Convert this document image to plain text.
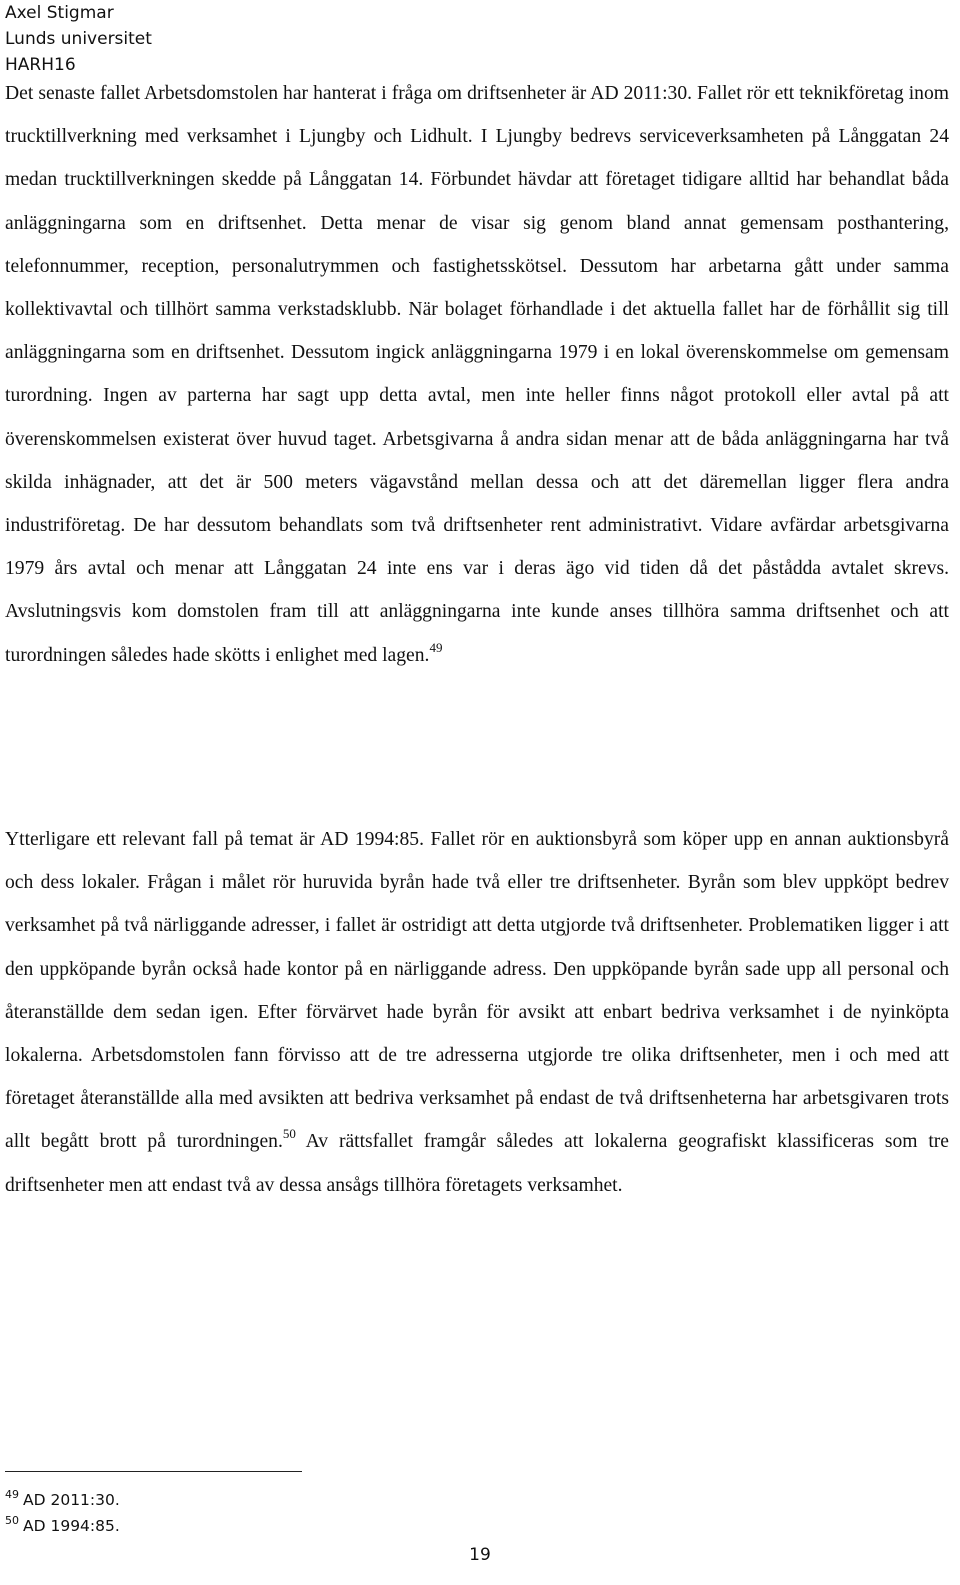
Axel Stigmar
Lunds universitet
HARH16

Det senaste fallet Arbetsdomstolen har hanterat i fråga om driftsenheter är AD 2011:30. Fallet rör ett teknikföretag inom trucktillverkning med verksamhet i Ljungby och Lidhult. I Ljungby bedrevs serviceverksamheten på Långgatan 24 medan trucktillverkningen skedde på Långgatan 14. Förbundet hävdar att företaget tidigare alltid har behandlat båda anläggningarna som en driftsenhet. Detta menar de visar sig genom bland annat gemensam posthantering, telefonnummer, reception, personalutrymmen och fastighetsskötsel. Dessutom har arbetarna gått under samma kollektivavtal och tillhört samma verkstadsklubb. När bolaget förhandlade i det aktuella fallet har de förhållit sig till anläggningarna som en driftsenhet. Dessutom ingick anläggningarna 1979 i en lokal överenskommelse om gemensam turordning. Ingen av parterna har sagt upp detta avtal, men inte heller finns något protokoll eller avtal på att överenskommelsen existerat över huvud taget. Arbetsgivarna å andra sidan menar att de båda anläggningarna har två skilda inhägnader, att det är 500 meters vägavstånd mellan dessa och att det däremellan ligger flera andra industriföretag. De har dessutom behandlats som två driftsenheter rent administrativt. Vidare avfärdar arbetsgivarna 1979 års avtal och menar att Långgatan 24 inte ens var i deras ägo vid tiden då det påstådda avtalet skrevs. Avslutningsvis kom domstolen fram till att anläggningarna inte kunde anses tillhöra samma driftsenhet och att turordningen således hade skötts i enlighet med lagen.$^{49}$

Ytterligare ett relevant fall på temat är AD 1994:85. Fallet rör en auktionsbyrå som köper upp en annan auktionsbyrå och dess lokaler. Frågan i målet rör huruvida byrån hade två eller tre driftsenheter. Byrån som blev uppköpt bedrev verksamhet på två närliggande adresser, i fallet är ostridigt att detta utgjorde två driftsenheter. Problematiken ligger i att den uppköpande byrån också hade kontor på en närliggande adress. Den uppköpande byrån sade upp all personal och återanställde dem sedan igen. Efter förvärvet hade byrån för avsikt att enbart bedriva verksamhet i de nyinköpta lokalerna. Arbetsdomstolen fann förvisso att de tre adresserna utgjorde tre olika driftsenheter, men i och med att företaget återanställde alla med avsikten att bedriva verksamhet på endast de två driftsenheterna har arbetsgivaren trots allt begått brott på turordningen.$^{50}$ Av rättsfallet framgår således att lokalerna geografiskt klassificeras som tre driftsenheter men att endast två av dessa ansågs tillhöra företagets verksamhet.

$^{49}$ AD 2011:30.
$^{50}$ AD 1994:85.
19
